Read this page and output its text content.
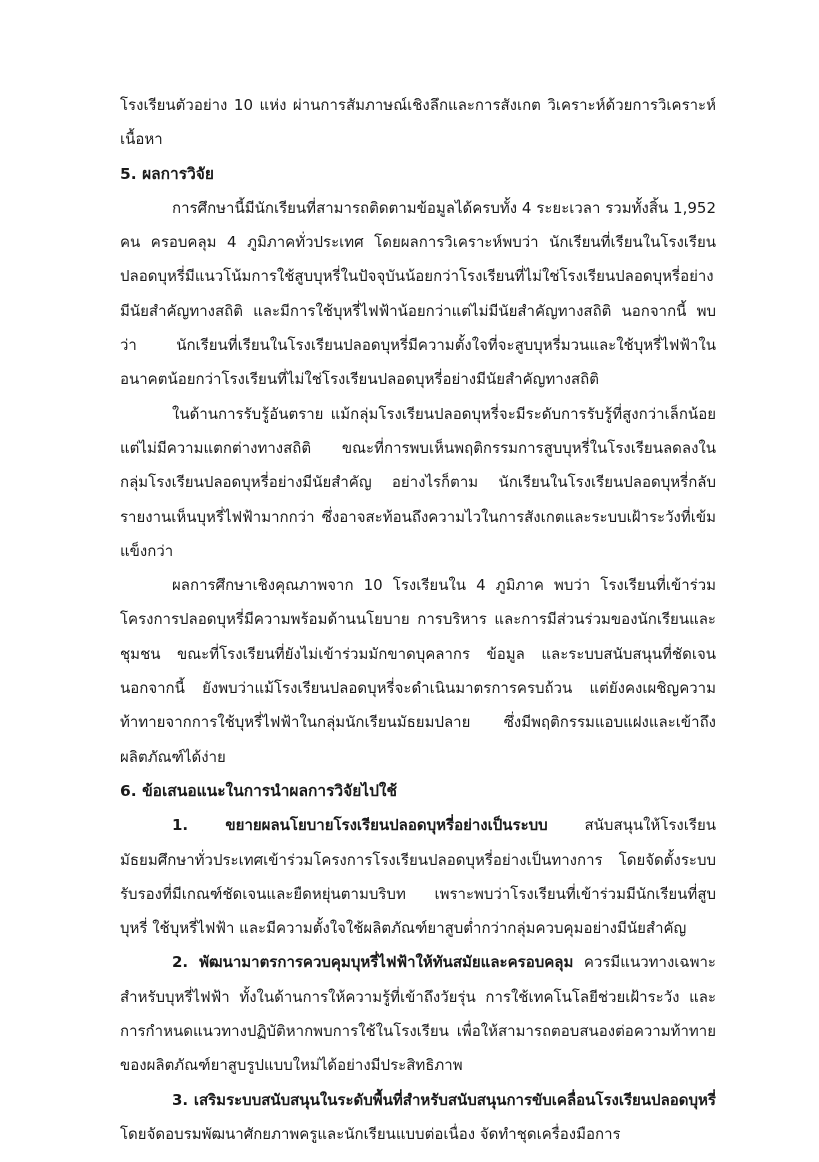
โรงเรียนตัวอย่าง 10 แห่ง ผ่านการสัมภาษณ์เชิงลึกและการสังเกต วิเคราะห์ด้วยการวิเคราะห์เนื้อหา

5. ผลการวิจัย

การศึกษานี้มีนักเรียนที่สามารถติดตามข้อมูลได้ครบทั้ง 4 ระยะเวลา รวมทั้งสิ้น 1,952 คน ครอบคลุม 4 ภูมิภาคทั่วประเทศ โดยผลการวิเคราะห์พบว่า นักเรียนที่เรียนในโรงเรียนปลอดบุหรี่มีแนวโน้มการใช้สูบบุหรี่ในปัจจุบันน้อยกว่าโรงเรียนที่ไม่ใช่โรงเรียนปลอดบุหรี่อย่างมีนัยสำคัญทางสถิติ และมีการใช้บุหรี่ไฟฟ้าน้อยกว่าแต่ไม่มีนัยสำคัญทางสถิติ นอกจากนี้ พบว่า นักเรียนที่เรียนในโรงเรียนปลอดบุหรี่มีความตั้งใจที่จะสูบบุหรี่มวนและใช้บุหรี่ไฟฟ้าในอนาคตน้อยกว่าโรงเรียนที่ไม่ใช่โรงเรียนปลอดบุหรี่อย่างมีนัยสำคัญทางสถิติ

ในด้านการรับรู้อันตราย แม้กลุ่มโรงเรียนปลอดบุหรี่จะมีระดับการรับรู้ที่สูงกว่าเล็กน้อย แต่ไม่มีความแตกต่างทางสถิติ ขณะที่การพบเห็นพฤติกรรมการสูบบุหรี่ในโรงเรียนลดลงในกลุ่มโรงเรียนปลอดบุหรี่อย่างมีนัยสำคัญ อย่างไรก็ตาม นักเรียนในโรงเรียนปลอดบุหรี่กลับรายงานเห็นบุหรี่ไฟฟ้ามากกว่า ซึ่งอาจสะท้อนถึงความไวในการสังเกตและระบบเฝ้าระวังที่เข้มแข็งกว่า

ผลการศึกษาเชิงคุณภาพจาก 10 โรงเรียนใน 4 ภูมิภาค พบว่า โรงเรียนที่เข้าร่วมโครงการปลอดบุหรี่มีความพร้อมด้านนโยบาย การบริหาร และการมีส่วนร่วมของนักเรียนและชุมชน ขณะที่โรงเรียนที่ยังไม่เข้าร่วมมักขาดบุคลากร ข้อมูล และระบบสนับสนุนที่ชัดเจน นอกจากนี้ ยังพบว่าแม้โรงเรียนปลอดบุหรี่จะดำเนินมาตรการครบถ้วน แต่ยังคงเผชิญความท้าทายจากการใช้บุหรี่ไฟฟ้าในกลุ่มนักเรียนมัธยมปลาย ซึ่งมีพฤติกรรมแอบแฝงและเข้าถึงผลิตภัณฑ์ได้ง่าย

6. ข้อเสนอแนะในการนำผลการวิจัยไปใช้

1. ขยายผลนโยบายโรงเรียนปลอดบุหรี่อย่างเป็นระบบ สนับสนุนให้โรงเรียนมัธยมศึกษาทั่วประเทศเข้าร่วมโครงการโรงเรียนปลอดบุหรี่อย่างเป็นทางการ โดยจัดตั้งระบบรับรองที่มีเกณฑ์ชัดเจนและยืดหยุ่นตามบริบท เพราะพบว่าโรงเรียนที่เข้าร่วมมีนักเรียนที่สูบบุหรี่ ใช้บุหรี่ไฟฟ้า และมีความตั้งใจใช้ผลิตภัณฑ์ยาสูบต่ำกว่ากลุ่มควบคุมอย่างมีนัยสำคัญ

2. พัฒนามาตรการควบคุมบุหรี่ไฟฟ้าให้ทันสมัยและครอบคลุม ควรมีแนวทางเฉพาะสำหรับบุหรี่ไฟฟ้า ทั้งในด้านการให้ความรู้ที่เข้าถึงวัยรุ่น การใช้เทคโนโลยีช่วยเฝ้าระวัง และการกำหนดแนวทางปฏิบัติหากพบการใช้ในโรงเรียน เพื่อให้สามารถตอบสนองต่อความท้าทายของผลิตภัณฑ์ยาสูบรูปแบบใหม่ได้อย่างมีประสิทธิภาพ

3. เสริมระบบสนับสนุนในระดับพื้นที่สำหรับสนับสนุนการขับเคลื่อนโรงเรียนปลอดบุหรี่ โดยจัดอบรมพัฒนาศักยภาพครูและนักเรียนแบบต่อเนื่อง จัดทำชุดเครื่องมือการ
